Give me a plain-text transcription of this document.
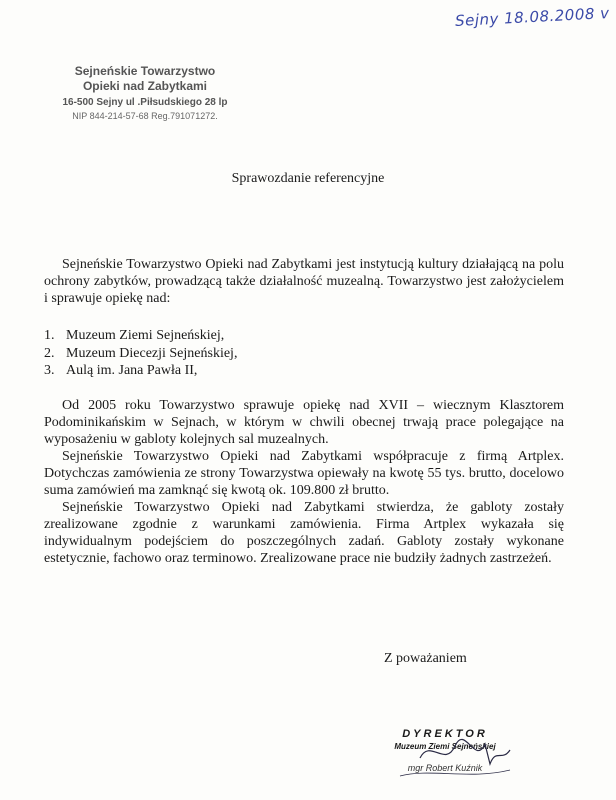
Sejny 18.08.2008 v
Sejneńskie Towarzystwo
Opieki nad Zabytkami
16-500 Sejny ul .Piłsudskiego 28 lp
NIP 844-214-57-68 Reg.791071272.
Sprawozdanie referencyjne

Sejneńskie Towarzystwo Opieki nad Zabytkami jest instytucją kultury działającą na polu ochrony zabytków, prowadzącą także działalność muzealną. Towarzystwo jest założycielem i sprawuje opiekę nad:

1. Muzeum Ziemi Sejneńskiej,
2. Muzeum Diecezji Sejneńskiej,
3. Aulą im. Jana Pawła II,

Od 2005 roku Towarzystwo sprawuje opiekę nad XVII – wiecznym Klasztorem Podominikańskim w Sejnach, w którym w chwili obecnej trwają prace polegające na wyposażeniu w gabloty kolejnych sal muzealnych.

Sejneńskie Towarzystwo Opieki nad Zabytkami współpracuje z firmą Artplex. Dotychczas zamówienia ze strony Towarzystwa opiewały na kwotę 55 tys. brutto, docelowo suma zamówień ma zamknąć się kwotą ok. 109.800 zł brutto.

Sejneńskie Towarzystwo Opieki nad Zabytkami stwierdza, że gabloty zostały zrealizowane zgodnie z warunkami zamówienia. Firma Artplex wykazała się indywidualnym podejściem do poszczególnych zadań. Gabloty zostały wykonane estetycznie, fachowo oraz terminowo. Zrealizowane prace nie budziły żadnych zastrzeżeń.

Z poważaniem
DYREKTOR
Muzeum Ziemi Sejneńskiej
mgr Robert Kuźnik
